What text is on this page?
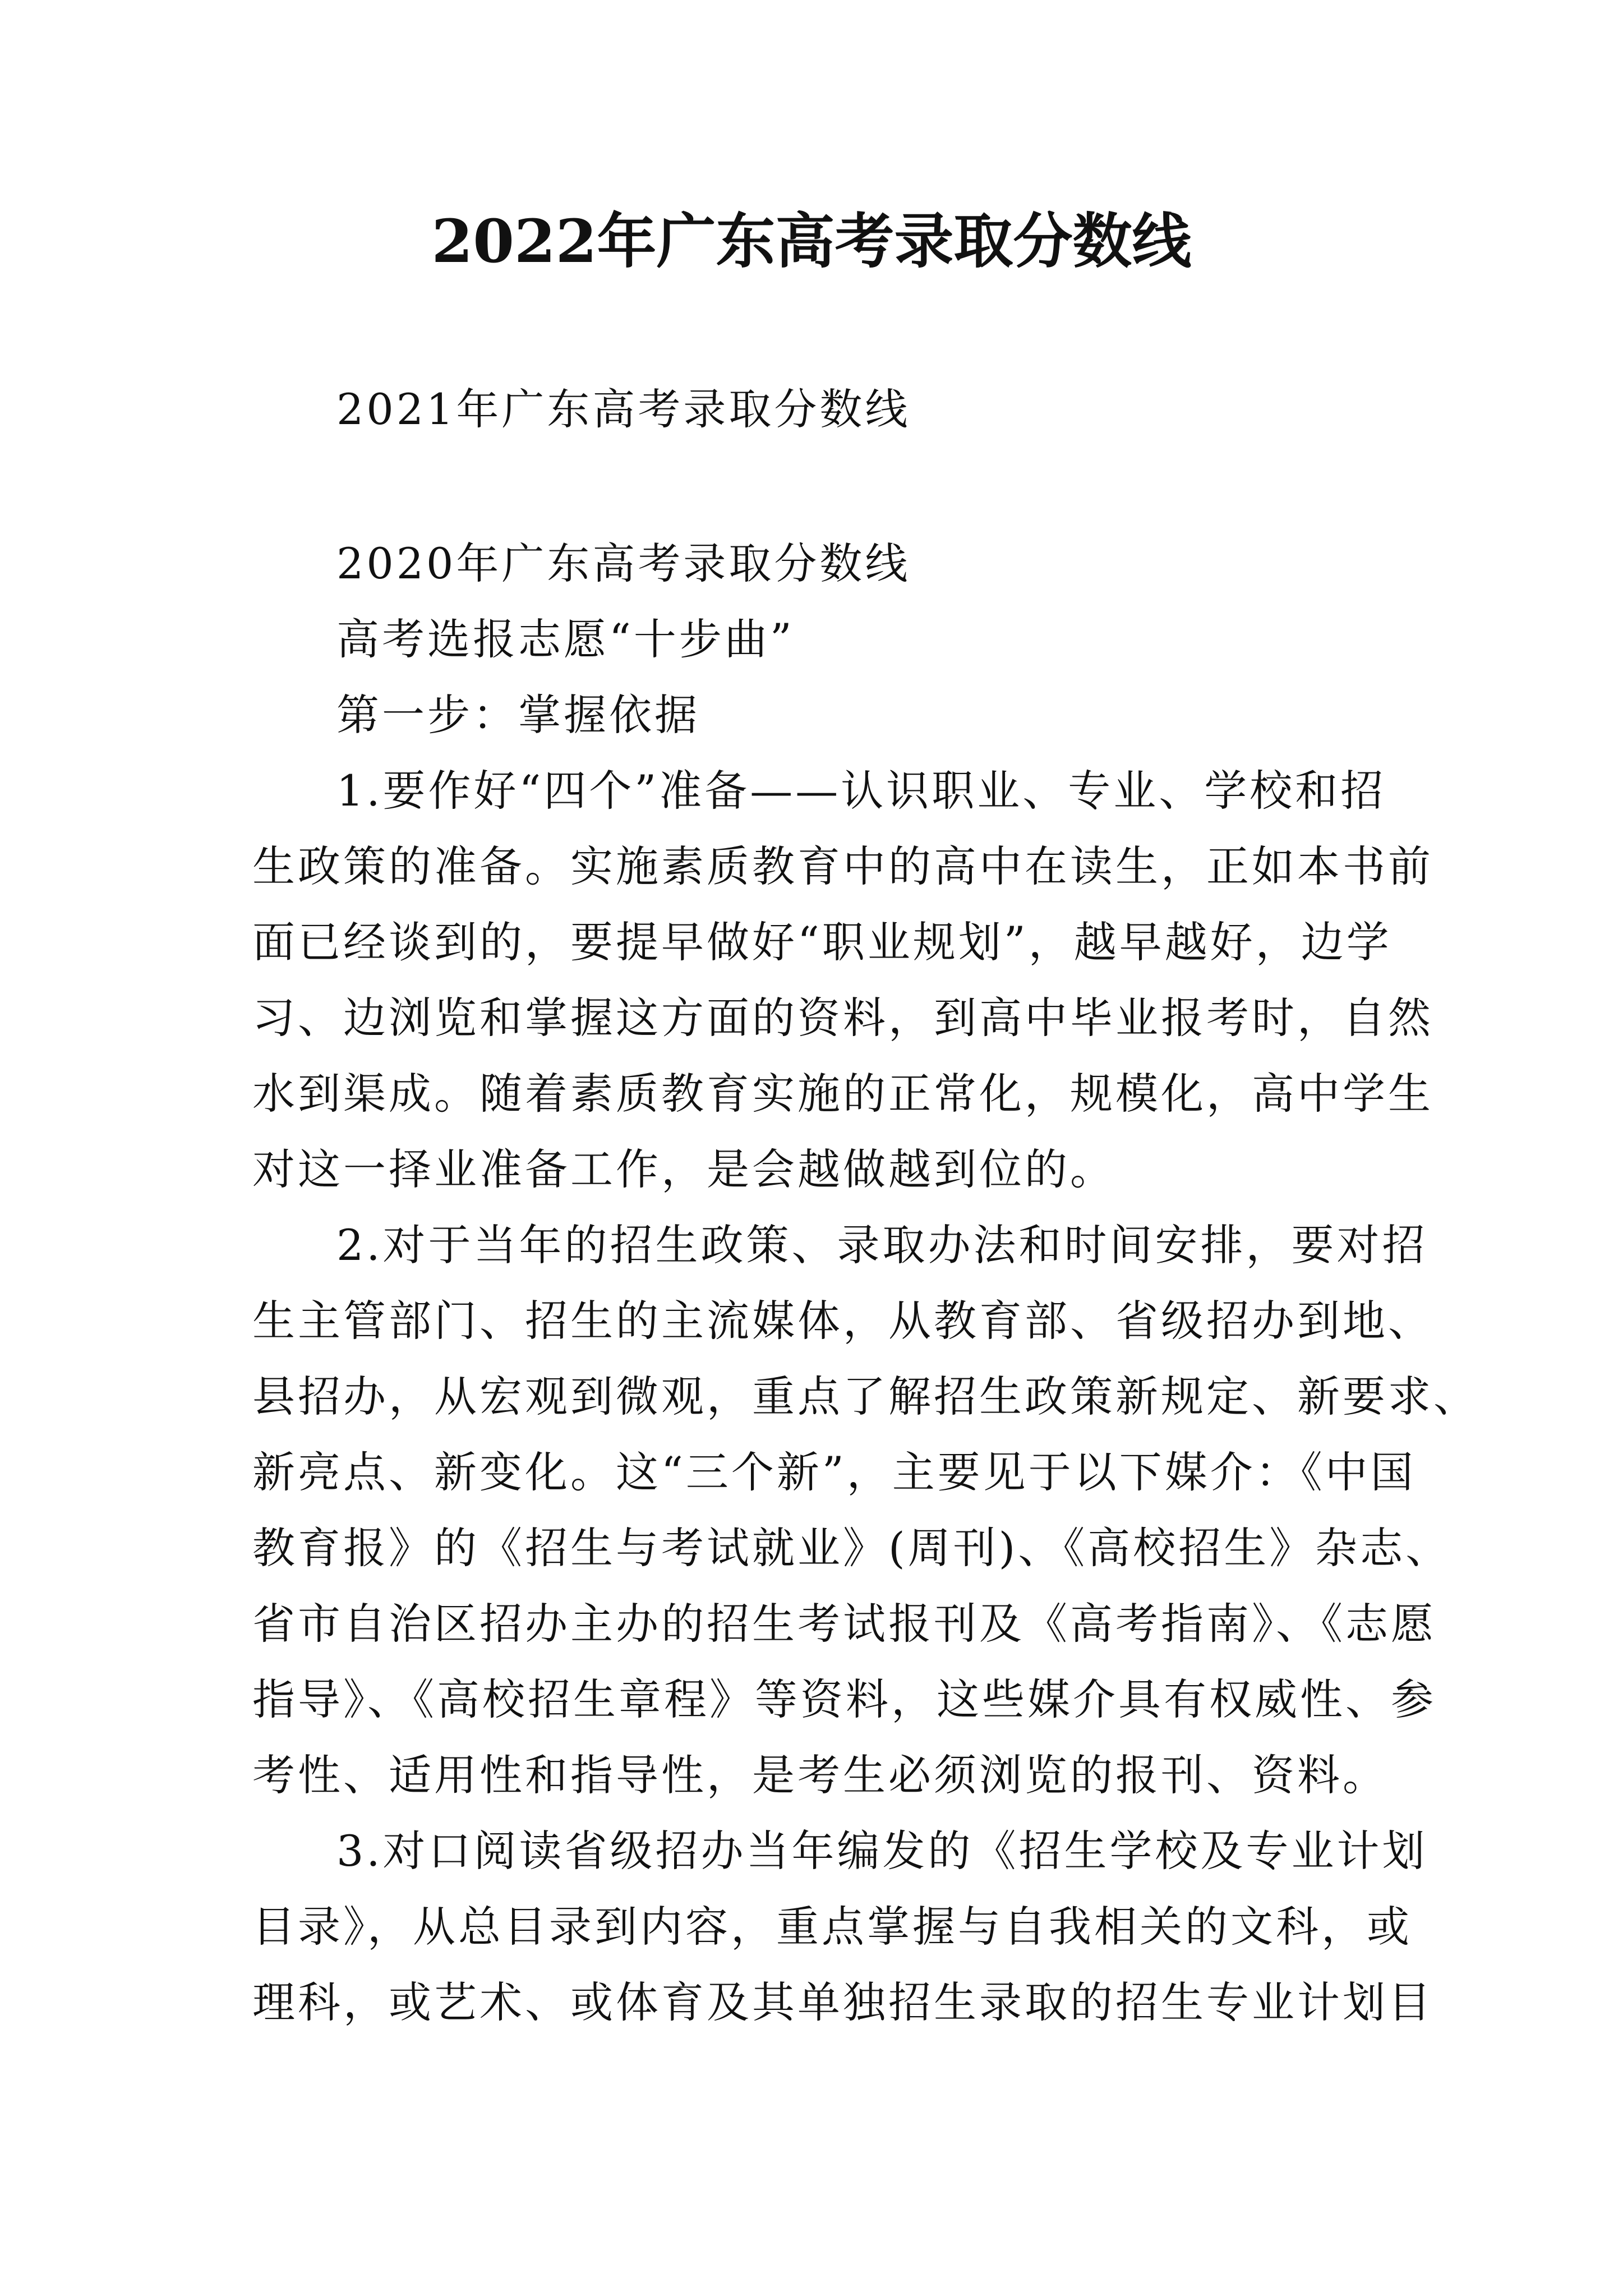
2022年广东高考录取分数线
2021年广东高考录取分数线
2020年广东高考录取分数线
高考选报志愿“十步曲”
第一步：掌握依据
1.要作好“四个”准备——认识职业、专业、学校和招
生政策的准备。实施素质教育中的高中在读生，正如本书前
面已经谈到的，要提早做好“职业规划”，越早越好，边学
习、边浏览和掌握这方面的资料，到高中毕业报考时，自然
水到渠成。随着素质教育实施的正常化，规模化，高中学生
对这一择业准备工作，是会越做越到位的。
2.对于当年的招生政策、录取办法和时间安排，要对招
生主管部门、招生的主流媒体，从教育部、省级招办到地、
县招办，从宏观到微观，重点了解招生政策新规定、新要求、
新亮点、新变化。这“三个新”，主要见于以下媒介：《中国
教育报》的《招生与考试就业》(周刊)、《高校招生》杂志、
省市自治区招办主办的招生考试报刊及《高考指南》、《志愿
指导》、《高校招生章程》等资料，这些媒介具有权威性、参
考性、适用性和指导性，是考生必须浏览的报刊、资料。
3.对口阅读省级招办当年编发的《招生学校及专业计划
目录》，从总目录到内容，重点掌握与自我相关的文科，或
理科，或艺术、或体育及其单独招生录取的招生专业计划目
